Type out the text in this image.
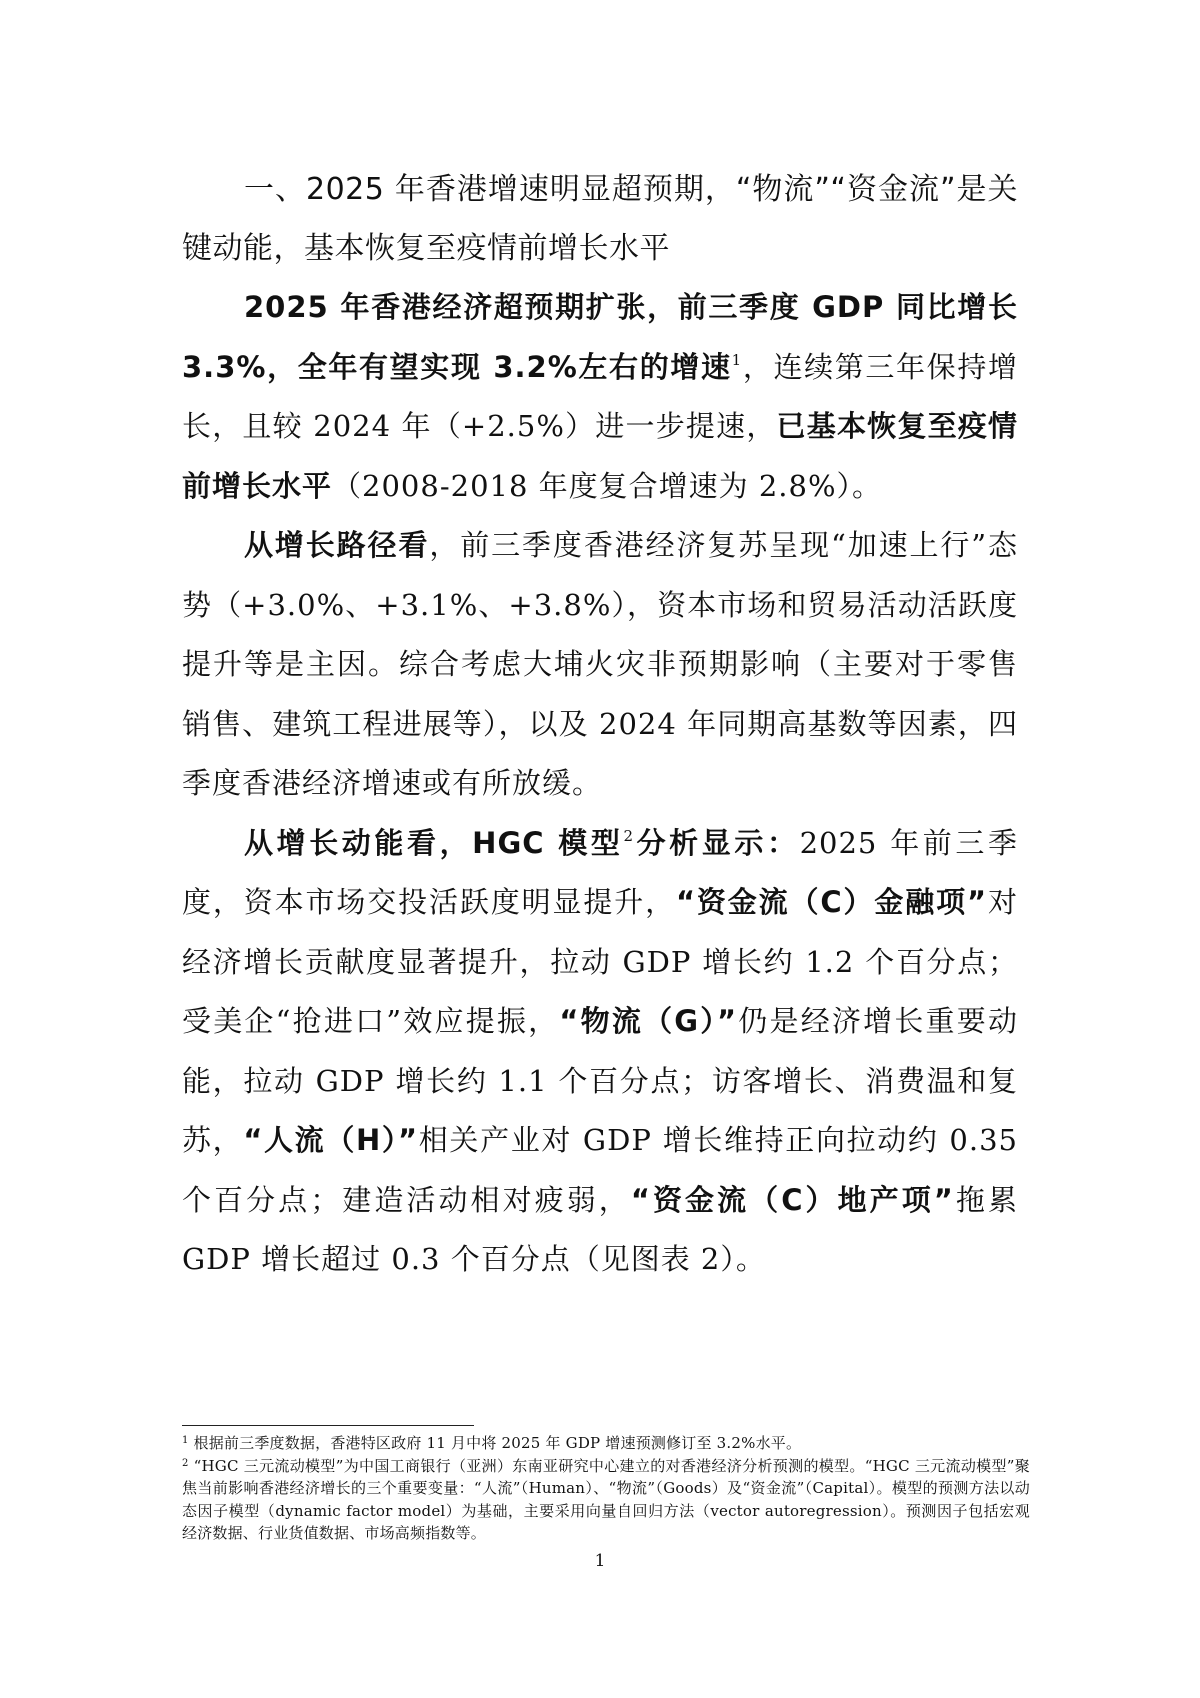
一、2025 年香港增速明显超预期，“物流”“资金流”是关键动能，基本恢复至疫情前增长水平

2025 年香港经济超预期扩张，前三季度 GDP 同比增长 3.3%，全年有望实现 3.2%左右的增速$^1$，连续第三年保持增长，且较 2024 年（+2.5%）进一步提速，已基本恢复至疫情前增长水平（2008-2018 年度复合增速为 2.8%）。

从增长路径看，前三季度香港经济复苏呈现“加速上行”态势（+3.0%、+3.1%、+3.8%），资本市场和贸易活动活跃度提升等是主因。综合考虑大埔火灾非预期影响（主要对于零售销售、建筑工程进展等），以及 2024 年同期高基数等因素，四季度香港经济增速或有所放缓。

从增长动能看，HGC 模型$^2$分析显示：2025 年前三季度，资本市场交投活跃度明显提升，“资金流（C）金融项”对经济增长贡献度显著提升，拉动 GDP 增长约 1.2 个百分点；受美企“抢进口”效应提振，“物流（G）”仍是经济增长重要动能，拉动 GDP 增长约 1.1 个百分点；访客增长、消费温和复苏，“人流（H）”相关产业对 GDP 增长维持正向拉动约 0.35 个百分点；建造活动相对疲弱，“资金流（C）地产项”拖累 GDP 增长超过 0.3 个百分点（见图表 2）。

$^1$ 根据前三季度数据，香港特区政府 11 月中将 2025 年 GDP 增速预测修订至 3.2%水平。

$^2$ “HGC 三元流动模型”为中国工商银行（亚洲）东南亚研究中心建立的对香港经济分析预测的模型。“HGC 三元流动模型”聚焦当前影响香港经济增长的三个重要变量：“人流”（Human）、“物流”（Goods）及“资金流”（Capital）。模型的预测方法以动态因子模型（dynamic factor model）为基础，主要采用向量自回归方法（vector autoregression）。预测因子包括宏观经济数据、行业货值数据、市场高频指数等。

1
